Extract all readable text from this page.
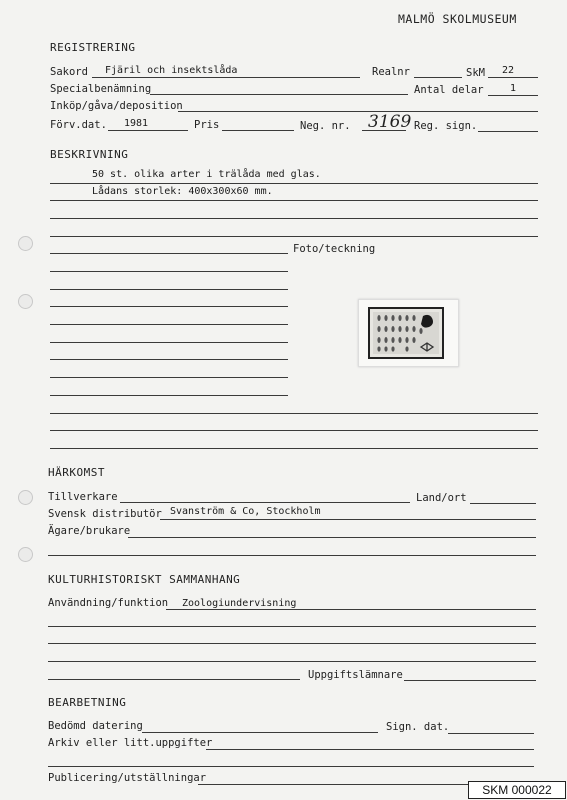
MALMÖ SKOLMUSEUM
REGISTRERING
Sakord Fjäril och insektslåda	Realnr	SkM 22
Specialbenämning	Antal delar	1
Inköp/gåva/deposition
Förv.dat. 1981	Pris	Neg. nr. 3169 Reg. sign.
BESKRIVNING
50 st. olika arter i trälåda med glas.
Lådans storlek: 400x300x60 mm.
Foto/teckning
HÄRKOMST
Tillverkare	Land/ort
Svensk distributör Svanström & Co, Stockholm
Ägare/brukare
KULTURHISTORISKT SAMMANHANG
Användning/funktion Zoologiundervisning
Uppgiftslämnare
BEARBETNING
Bedömd datering	Sign. dat.
Arkiv eller litt.uppgifter
Publicering/utställningar
SKM 000022
